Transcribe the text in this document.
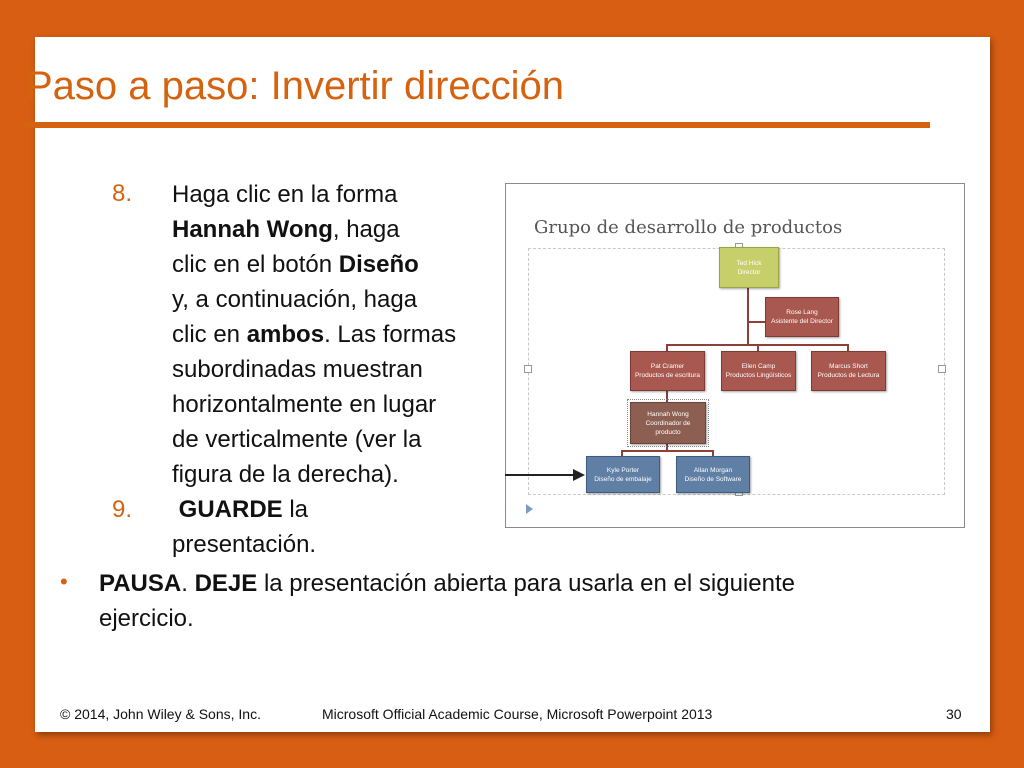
Paso a paso: Invertir dirección
8. Haga clic en la forma
Hannah Wong, haga
clic en el botón Diseño
y, a continuación, haga
clic en ambos. Las formas
subordinadas muestran
horizontalmente en lugar
de verticalmente (ver la
figura de la derecha).
9. GUARDE la
presentación.
• PAUSA. DEJE la presentación abierta para usarla en el siguiente
ejercicio.
Grupo de desarrollo de productos
Ted Hick
Director
Rose Lang
Asistente del Director
Pat Cramer
Productos de escritura
Ellen Camp
Productos Lingüísticos
Marcus Short
Productos de Lectura
Hannah Wong
Coordinador de
producto
Kyle Porter
Diseño de embalaje
Allan Morgan
Diseño de Software
© 2014, John Wiley & Sons, Inc.	Microsoft Official Academic Course, Microsoft Powerpoint 2013	30
